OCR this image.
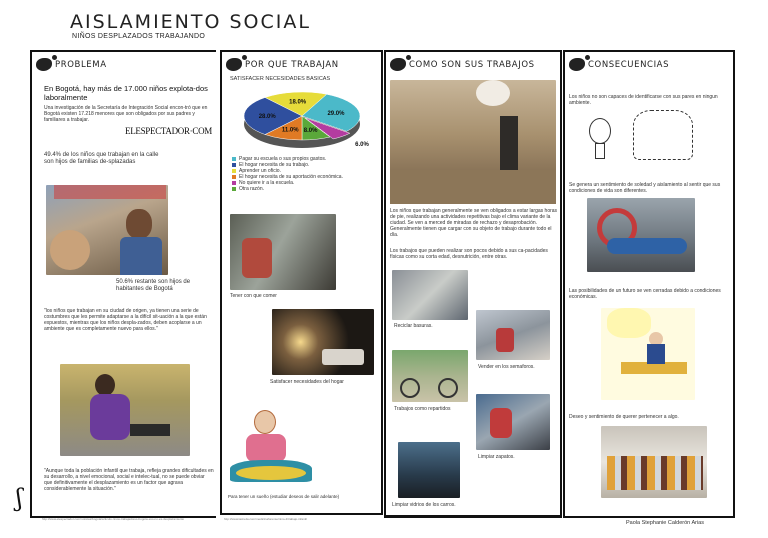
AISLAMIENTO SOCIAL
NIÑOS DESPLAZADOS TRABAJANDO
PROBLEMA
En Bogotá, hay más de 17.000 niños explota-dos laboralmente
Una investigación de la Secretaría de Integración Social encon-tró que en Bogotá existen 17.218 menores que son obligados por sus padres y familiares a trabajar.
ELESPECTADOR·COM
49.4% de los niños que trabajan en la calle son hijos de familias de-splazadas
50.6% restante son hijos de habitantes de Bogotá
"los niños que trabajan en su ciudad de origen, ya tienen una serie de costumbres que les permite adaptarse a la difícil sit-uación a la que están expuestos, mientras que los niños despla-zados, deben acoplarse a un ambiente que es completamente nuevo para ellos."
"Aunque toda la población infantil que trabaja, refleja grandes dificultades en su desarrollo, a nivel emocional, social e intelec-tual, no se puede obviar que definitivamente el desplazamiento es un factor que agrava considerablemente la situación."
http://www.elespectador.com/noticias/bogota/articulo-ninos-trabajadores-bogota-eso-no-es-desplazamiento
ʃ
POR QUE TRABAJAN
SATISFACER NECESIDADES BASICAS
18.0%
29.0%
6.0%
8.0%
11.0%
28.0%
Pagar su escuela o sus propios gastos.
El hogar necesita de su trabajo.
Aprender un oficio.
El hogar necesita de su aportación económica.
No quiere ir a la escuela.
Otra razón.
Tener con que comer
Satisfacer necesidades del hogar
Para tener un sueño (estudiar deseos de salir adelante)
http://www.lacnetw.com/medicinaforense/nino-4/trabajo-infantil
COMO SON SUS TRABAJOS
Los niños que trabajan generalmente se ven obligados a estar largas horas de pie, realizando una actividades repetitivas bajo el clima variante de la ciudad. Se ven a merced de miradas de rechazo y desaprobación. Generalmente tienen que cargar con su objeto de trabajo durante todo el día.
Los trabajos que pueden realizar son pocos debido a sus ca-pacidades físicas como su corta edad, desnutrición, entre otras.
Reciclar basuras.
Vender en los semaforos.
Trabajos como repartidos
Limpiar zapatos.
Limpiar vidrios de los carros.
CONSECUENCIAS
Los niños no son capaces de identificarse con sus pares en ningun ambiente.
Se genera un sentimiento de soledad y aislamiento al sentir que sus condiciones de vida son diferentes.
Las posibilidades de un futuro se ven cerradas debido a condiciones económicas.
Deseo y sentimiento de querer pertenecer a algo.
Paola Stephanie Calderón Arias
